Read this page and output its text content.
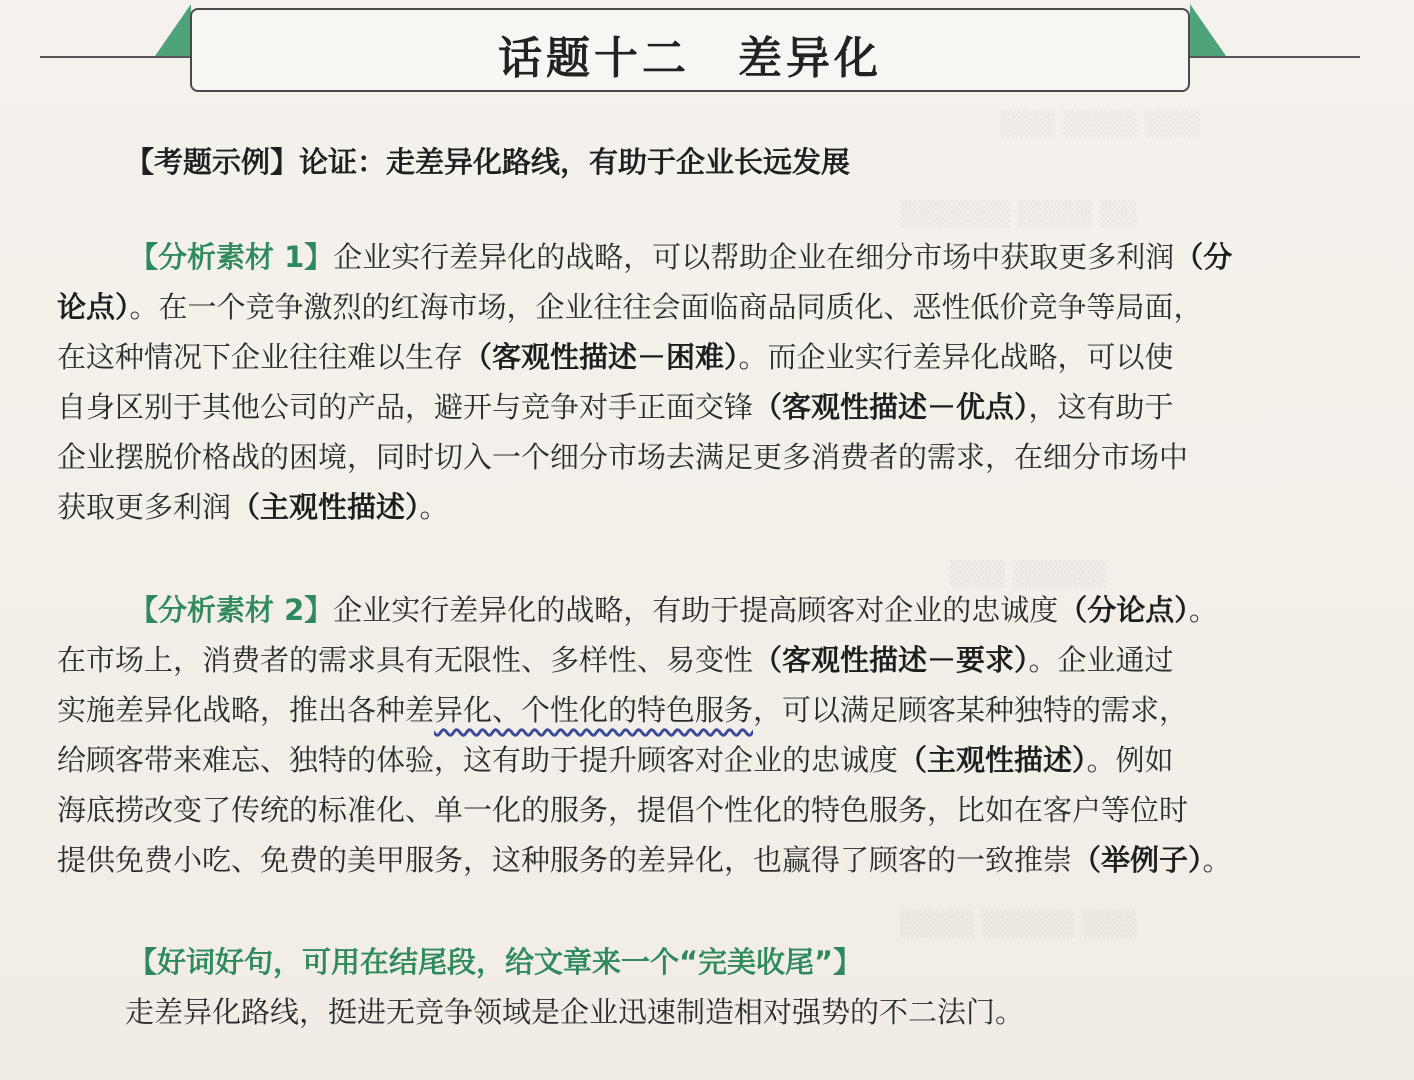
▒▒▒ ▒▒▒▒ ▒▒▒
▒▒▒▒▒▒ ▒▒▒▒ ▒▒
▒▒▒ ▒▒▒▒▒
▒▒▒▒ ▒▒▒▒▒ ▒▒▒
话题十二　差异化
【考题示例】论证：走差异化路线，有助于企业长远发展
【分析素材 1】企业实行差异化的战略，可以帮助企业在细分市场中获取更多利润（分
论点）。在一个竞争激烈的红海市场，企业往往会面临商品同质化、恶性低价竞争等局面，
在这种情况下企业往往难以生存（客观性描述－困难）。而企业实行差异化战略，可以使
自身区别于其他公司的产品，避开与竞争对手正面交锋（客观性描述－优点），这有助于
企业摆脱价格战的困境，同时切入一个细分市场去满足更多消费者的需求，在细分市场中
获取更多利润（主观性描述）。
【分析素材 2】企业实行差异化的战略，有助于提高顾客对企业的忠诚度（分论点）。
在市场上，消费者的需求具有无限性、多样性、易变性（客观性描述－要求）。企业通过
实施差异化战略，推出各种差异化、个性化的特色服务，可以满足顾客某种独特的需求，
给顾客带来难忘、独特的体验，这有助于提升顾客对企业的忠诚度（主观性描述）。例如
海底捞改变了传统的标准化、单一化的服务，提倡个性化的特色服务，比如在客户等位时
提供免费小吃、免费的美甲服务，这种服务的差异化，也赢得了顾客的一致推崇（举例子）。
【好词好句，可用在结尾段，给文章来一个“完美收尾”】
走差异化路线，挺进无竞争领域是企业迅速制造相对强势的不二法门。
